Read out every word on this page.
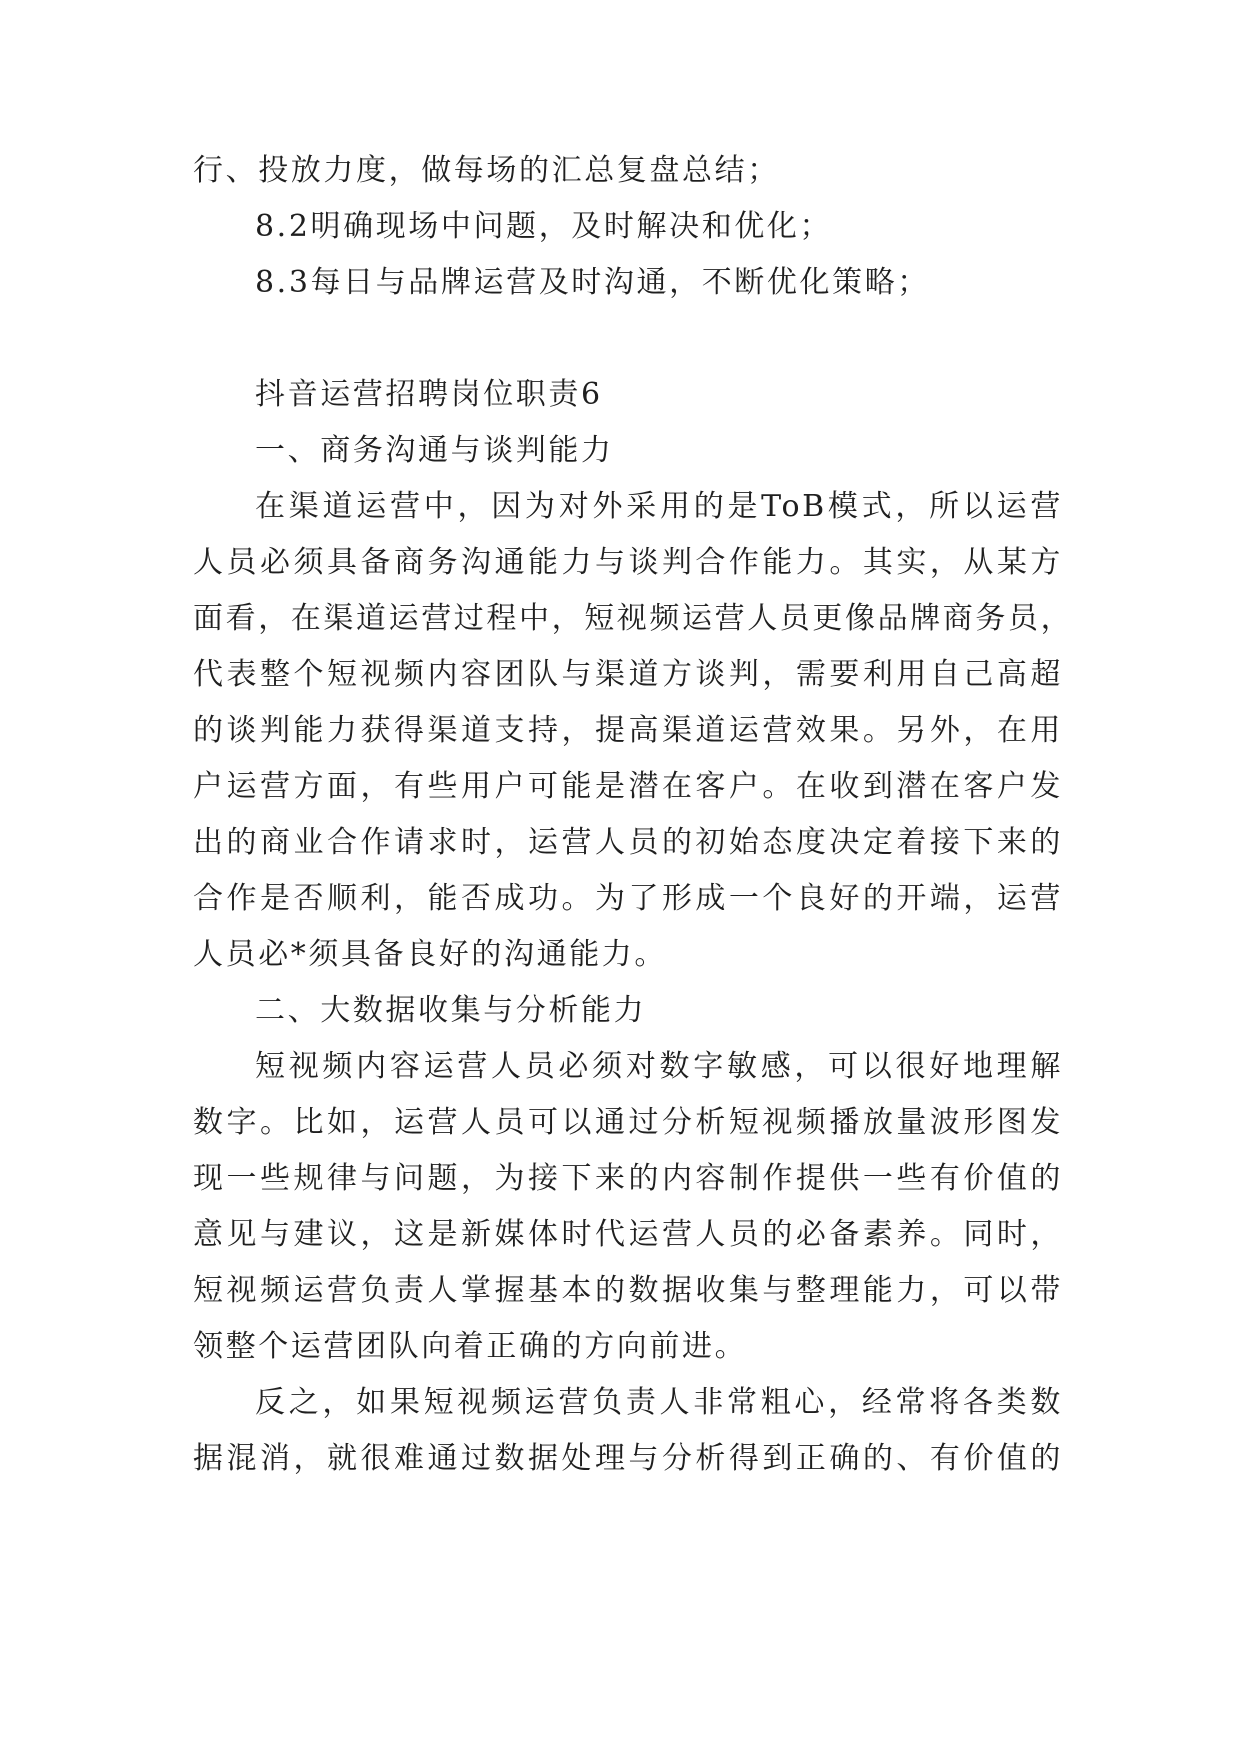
行、投放力度，做每场的汇总复盘总结；
8.2明确现场中问题，及时解决和优化；
8.3每日与品牌运营及时沟通，不断优化策略；
抖音运营招聘岗位职责6
一、商务沟通与谈判能力
在渠道运营中，因为对外采用的是ToB模式，所以运营
人员必须具备商务沟通能力与谈判合作能力。其实，从某方
面看，在渠道运营过程中，短视频运营人员更像品牌商务员，
代表整个短视频内容团队与渠道方谈判，需要利用自己高超
的谈判能力获得渠道支持，提高渠道运营效果。另外，在用
户运营方面，有些用户可能是潜在客户。在收到潜在客户发
出的商业合作请求时，运营人员的初始态度决定着接下来的
合作是否顺利，能否成功。为了形成一个良好的开端，运营
人员必*须具备良好的沟通能力。
二、大数据收集与分析能力
短视频内容运营人员必须对数字敏感，可以很好地理解
数字。比如，运营人员可以通过分析短视频播放量波形图发
现一些规律与问题，为接下来的内容制作提供一些有价值的
意见与建议，这是新媒体时代运营人员的必备素养。同时，
短视频运营负责人掌握基本的数据收集与整理能力，可以带
领整个运营团队向着正确的方向前进。
反之，如果短视频运营负责人非常粗心，经常将各类数
据混消，就很难通过数据处理与分析得到正确的、有价值的
